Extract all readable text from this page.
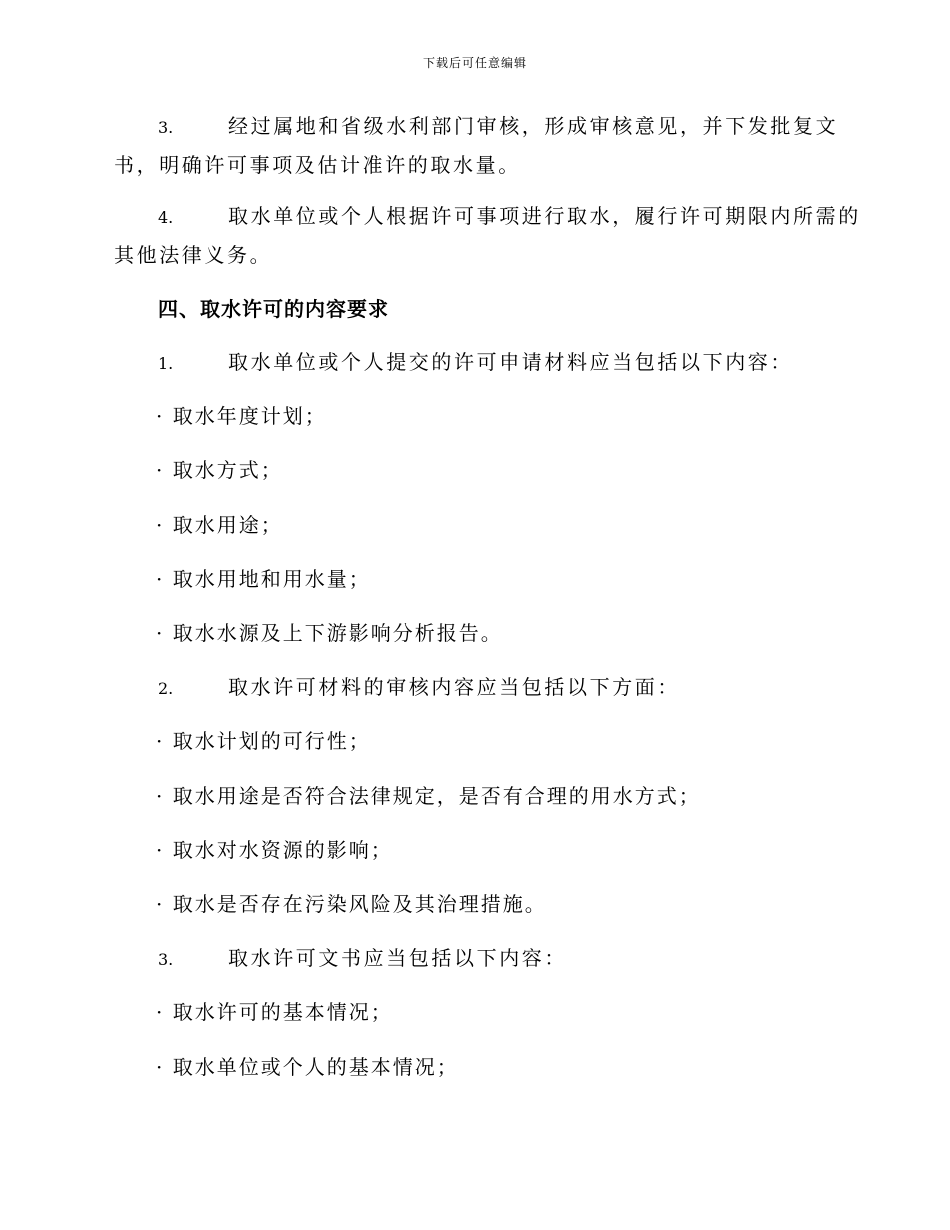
下载后可任意编辑
3.	经过属地和省级水利部门审核，形成审核意见，并下发批复文
书，明确许可事项及估计准许的取水量。
4.	取水单位或个人根据许可事项进行取水，履行许可期限内所需的
其他法律义务。
四、取水许可的内容要求
1.	取水单位或个人提交的许可申请材料应当包括以下内容：
· 取水年度计划；
· 取水方式；
· 取水用途；
· 取水用地和用水量；
· 取水水源及上下游影响分析报告。
2.	取水许可材料的审核内容应当包括以下方面：
· 取水计划的可行性；
· 取水用途是否符合法律规定，是否有合理的用水方式；
· 取水对水资源的影响；
· 取水是否存在污染风险及其治理措施。
3.	取水许可文书应当包括以下内容：
· 取水许可的基本情况；
· 取水单位或个人的基本情况；
